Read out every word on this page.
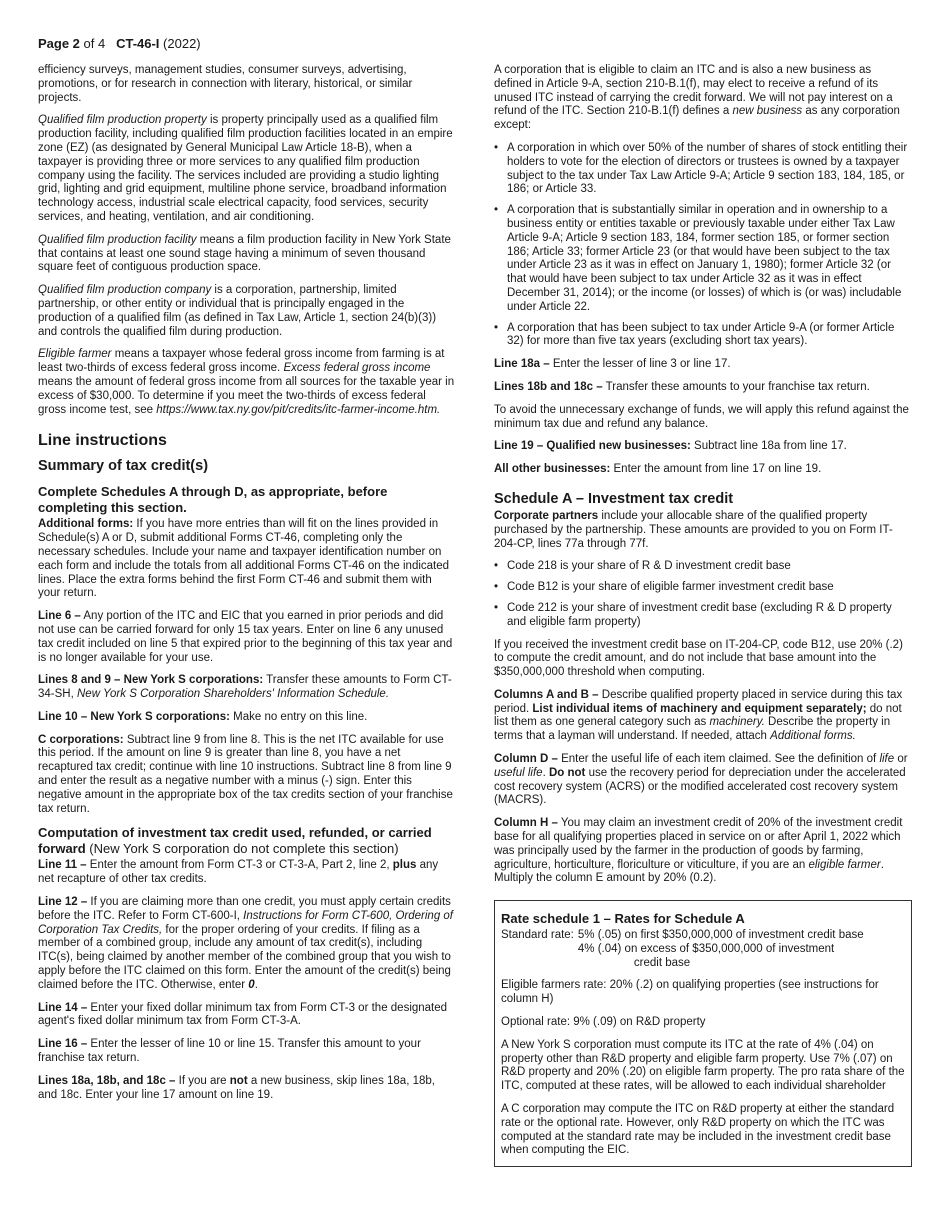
Page 2 of 4 CT-46-I (2022)

efficiency surveys, management studies, consumer surveys, advertising, promotions, or for research in connection with literary, historical, or similar projects.

Qualified film production property is property principally used as a qualified film production facility, including qualified film production facilities located in an empire zone (EZ) (as designated by General Municipal Law Article 18-B), when a taxpayer is providing three or more services to any qualified film production company using the facility. The services included are providing a studio lighting grid, lighting and grid equipment, multiline phone service, broadband information technology access, industrial scale electrical capacity, food services, security services, and heating, ventilation, and air conditioning.

Qualified film production facility means a film production facility in New York State that contains at least one sound stage having a minimum of seven thousand square feet of contiguous production space.

Qualified film production company is a corporation, partnership, limited partnership, or other entity or individual that is principally engaged in the production of a qualified film (as defined in Tax Law, Article 1, section 24(b)(3)) and controls the qualified film during production.

Eligible farmer means a taxpayer whose federal gross income from farming is at least two-thirds of excess federal gross income. Excess federal gross income means the amount of federal gross income from all sources for the taxable year in excess of $30,000. To determine if you meet the two-thirds of excess federal gross income test, see https://www.tax.ny.gov/pit/credits/itc-farmer-income.htm.

Line instructions
Summary of tax credit(s)
Complete Schedules A through D, as appropriate, before completing this section.

Additional forms: If you have more entries than will fit on the lines provided in Schedule(s) A or D, submit additional Forms CT-46, completing only the necessary schedules. Include your name and taxpayer identification number on each form and include the totals from all additional Forms CT-46 on the indicated lines. Place the extra forms behind the first Form CT-46 and submit them with your return.

Line 6 – Any portion of the ITC and EIC that you earned in prior periods and did not use can be carried forward for only 15 tax years. Enter on line 6 any unused tax credit included on line 5 that expired prior to the beginning of this tax year and is no longer available for your use.

Lines 8 and 9 – New York S corporations: Transfer these amounts to Form CT-34-SH, New York S Corporation Shareholders' Information Schedule.

Line 10 – New York S corporations: Make no entry on this line.

C corporations: Subtract line 9 from line 8. This is the net ITC available for use this period. If the amount on line 9 is greater than line 8, you have a net recaptured tax credit; continue with line 10 instructions. Subtract line 8 from line 9 and enter the result as a negative number with a minus (-) sign. Enter this negative amount in the appropriate box of the tax credits section of your franchise tax return.

Computation of investment tax credit used, refunded, or carried forward (New York S corporation do not complete this section)

Line 11 – Enter the amount from Form CT-3 or CT-3-A, Part 2, line 2, plus any net recapture of other tax credits.

Line 12 – If you are claiming more than one credit, you must apply certain credits before the ITC. Refer to Form CT-600-I, Instructions for Form CT-600, Ordering of Corporation Tax Credits, for the proper ordering of your credits. If filing as a member of a combined group, include any amount of tax credit(s), including ITC(s), being claimed by another member of the combined group that you wish to apply before the ITC claimed on this form. Enter the amount of the credit(s) being claimed before the ITC. Otherwise, enter 0.

Line 14 – Enter your fixed dollar minimum tax from Form CT-3 or the designated agent's fixed dollar minimum tax from Form CT-3-A.

Line 16 – Enter the lesser of line 10 or line 15. Transfer this amount to your franchise tax return.

Lines 18a, 18b, and 18c – If you are not a new business, skip lines 18a, 18b, and 18c. Enter your line 17 amount on line 19.

A corporation that is eligible to claim an ITC and is also a new business as defined in Article 9-A, section 210-B.1(f), may elect to receive a refund of its unused ITC instead of carrying the credit forward. We will not pay interest on a refund of the ITC. Section 210-B.1(f) defines a new business as any corporation except:

• A corporation in which over 50% of the number of shares of stock entitling their holders to vote for the election of directors or trustees is owned by a taxpayer subject to the tax under Tax Law Article 9-A; Article 9 section 183, 184, 185, or 186; or Article 33.
• A corporation that is substantially similar in operation and in ownership to a business entity or entities taxable or previously taxable under either Tax Law Article 9-A; Article 9 section 183, 184, former section 185, or former section 186; Article 33; former Article 23 (or that would have been subject to the tax under Article 23 as it was in effect on January 1, 1980); former Article 32 (or that would have been subject to tax under Article 32 as it was in effect December 31, 2014); or the income (or losses) of which is (or was) includable under Article 22.
• A corporation that has been subject to tax under Article 9-A (or former Article 32) for more than five tax years (excluding short tax years).

Line 18a – Enter the lesser of line 3 or line 17.

Lines 18b and 18c – Transfer these amounts to your franchise tax return.

To avoid the unnecessary exchange of funds, we will apply this refund against the minimum tax due and refund any balance.

Line 19 – Qualified new businesses: Subtract line 18a from line 17.

All other businesses: Enter the amount from line 17 on line 19.

Schedule A – Investment tax credit

Corporate partners include your allocable share of the qualified property purchased by the partnership. These amounts are provided to you on Form IT-204-CP, lines 77a through 77f.

• Code 218 is your share of R & D investment credit base
• Code B12 is your share of eligible farmer investment credit base
• Code 212 is your share of investment credit base (excluding R & D property and eligible farm property)

If you received the investment credit base on IT-204-CP, code B12, use 20% (.2) to compute the credit amount, and do not include that base amount into the $350,000,000 threshold when computing.

Columns A and B – Describe qualified property placed in service during this tax period. List individual items of machinery and equipment separately; do not list them as one general category such as machinery. Describe the property in terms that a layman will understand. If needed, attach Additional forms.

Column D – Enter the useful life of each item claimed. See the definition of life or useful life. Do not use the recovery period for depreciation under the accelerated cost recovery system (ACRS) or the modified accelerated cost recovery system (MACRS).

Column H – You may claim an investment credit of 20% of the investment credit base for all qualifying properties placed in service on or after April 1, 2022 which was principally used by the farmer in the production of goods by farming, agriculture, horticulture, floriculture or viticulture, if you are an eligible farmer. Multiply the column E amount by 20% (0.2).

Rate schedule 1 – Rates for Schedule A
Standard rate: 5% (.05) on first $350,000,000 of investment credit base
4% (.04) on excess of $350,000,000 of investment
credit base

Eligible farmers rate: 20% (.2) on qualifying properties (see instructions for column H)

Optional rate: 9% (.09) on R&D property

A New York S corporation must compute its ITC at the rate of 4% (.04) on property other than R&D property and eligible farm property. Use 7% (.07) on R&D property and 20% (.20) on eligible farm property. The pro rata share of the ITC, computed at these rates, will be allowed to each individual shareholder

A C corporation may compute the ITC on R&D property at either the standard rate or the optional rate. However, only R&D property on which the ITC was computed at the standard rate may be included in the investment credit base when computing the EIC.
